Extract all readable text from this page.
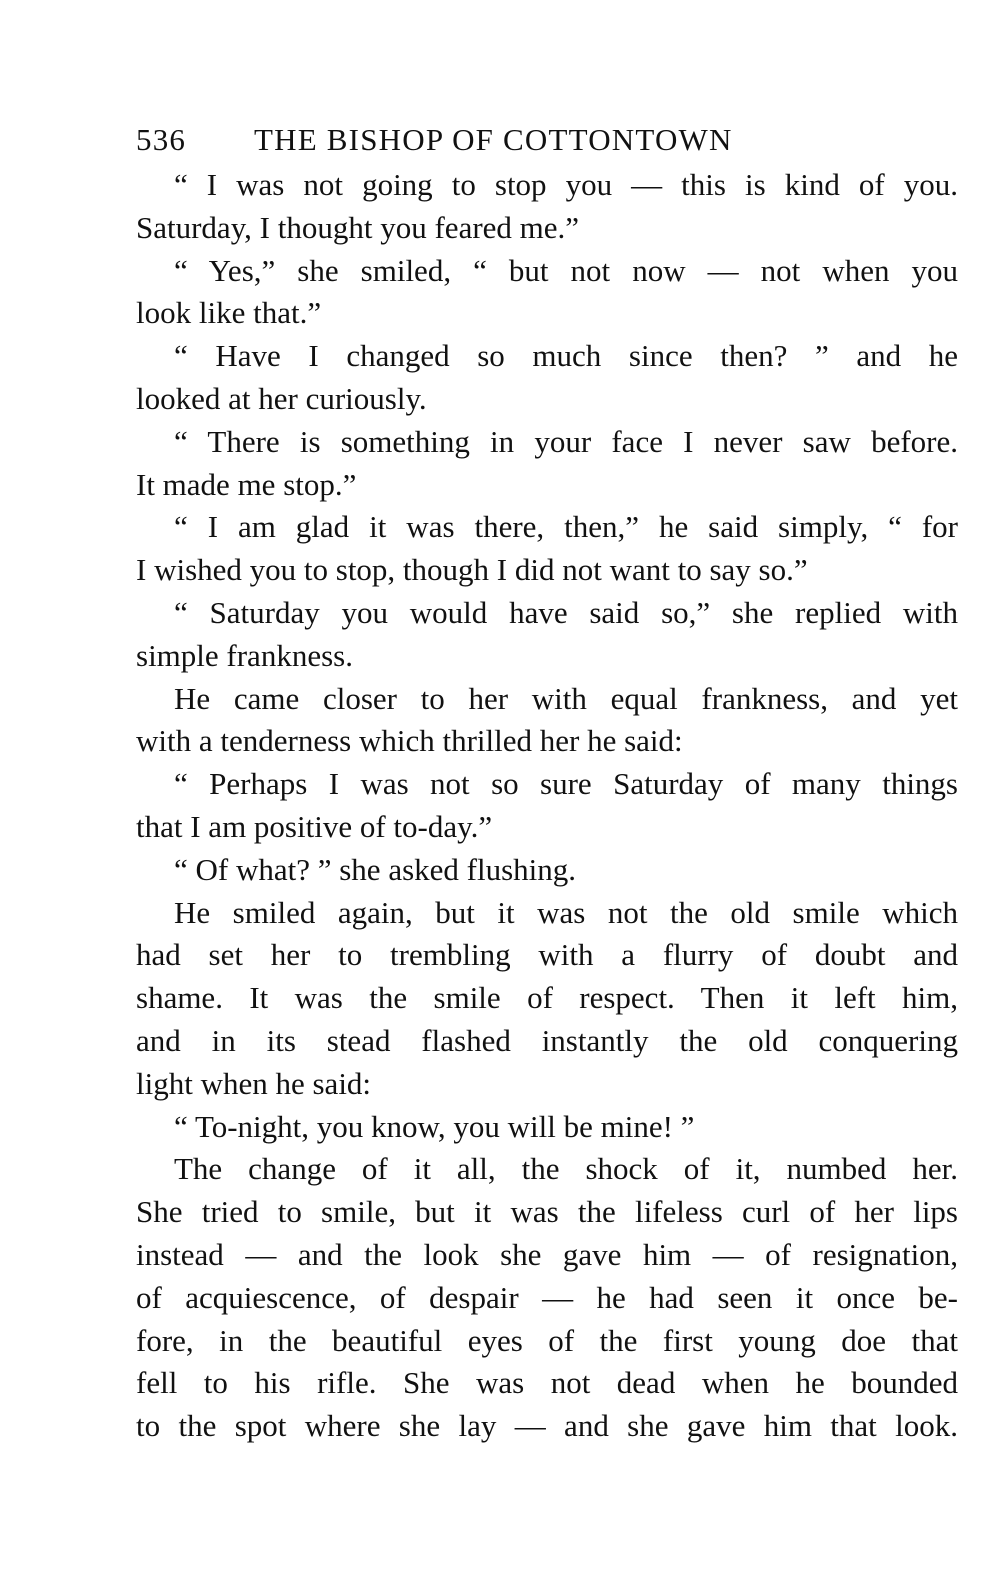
536 THE BISHOP OF COTTONTOWN
“ I was not going to stop you — this is kind of you.
Saturday, I thought you feared me.”
“ Yes,” she smiled, “ but not now — not when you
look like that.”
“ Have I changed so much since then? ” and he
looked at her curiously.
“ There is something in your face I never saw before.
It made me stop.”
“ I am glad it was there, then,” he said simply, “ for
I wished you to stop, though I did not want to say so.”
“ Saturday you would have said so,” she replied with
simple frankness.
He came closer to her with equal frankness, and yet
with a tenderness which thrilled her he said:
“ Perhaps I was not so sure Saturday of many things
that I am positive of to-day.”
“ Of what? ” she asked flushing.
He smiled again, but it was not the old smile which
had set her to trembling with a flurry of doubt and
shame. It was the smile of respect. Then it left him,
and in its stead flashed instantly the old conquering
light when he said:
“ To-night, you know, you will be mine! ”
The change of it all, the shock of it, numbed her.
She tried to smile, but it was the lifeless curl of her lips
instead — and the look she gave him — of resignation,
of acquiescence, of despair — he had seen it once be-
fore, in the beautiful eyes of the first young doe that
fell to his rifle. She was not dead when he bounded
to the spot where she lay — and she gave him that look.
